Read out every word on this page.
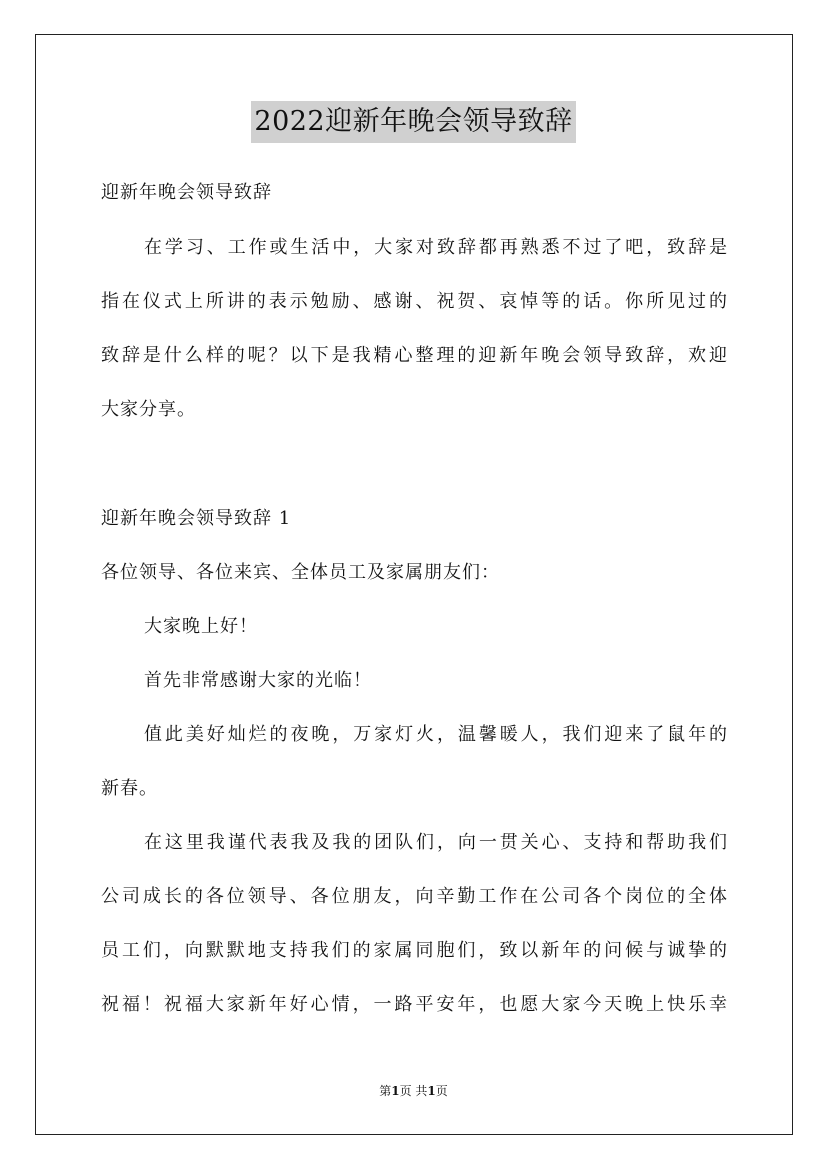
2022迎新年晚会领导致辞
迎新年晚会领导致辞
在学习、工作或生活中，大家对致辞都再熟悉不过了吧，致辞是
指在仪式上所讲的表示勉励、感谢、祝贺、哀悼等的话。你所见过的
致辞是什么样的呢？以下是我精心整理的迎新年晚会领导致辞，欢迎
大家分享。
迎新年晚会领导致辞 1
各位领导、各位来宾、全体员工及家属朋友们：
大家晚上好！
首先非常感谢大家的光临！
值此美好灿烂的夜晚，万家灯火，温馨暖人，我们迎来了鼠年的
新春。
在这里我谨代表我及我的团队们，向一贯关心、支持和帮助我们
公司成长的各位领导、各位朋友，向辛勤工作在公司各个岗位的全体
员工们，向默默地支持我们的家属同胞们，致以新年的问候与诚挚的
祝福！祝福大家新年好心情，一路平安年，也愿大家今天晚上快乐幸
第1页 共1页
